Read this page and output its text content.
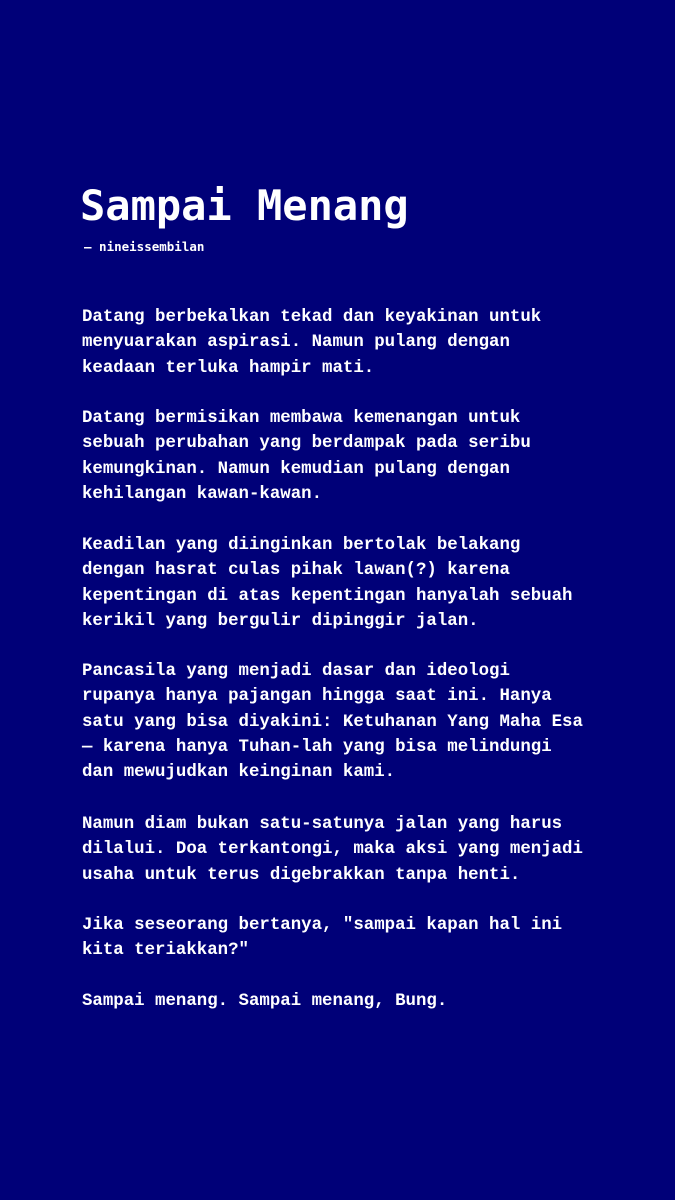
Sampai Menang
— nineissembilan

Datang berbekalkan tekad dan keyakinan untuk
menyuarakan aspirasi. Namun pulang dengan
keadaan terluka hampir mati.

Datang bermisikan membawa kemenangan untuk
sebuah perubahan yang berdampak pada seribu
kemungkinan. Namun kemudian pulang dengan
kehilangan kawan-kawan.

Keadilan yang diinginkan bertolak belakang
dengan hasrat culas pihak lawan(?) karena
kepentingan di atas kepentingan hanyalah sebuah
kerikil yang bergulir dipinggir jalan.

Pancasila yang menjadi dasar dan ideologi
rupanya hanya pajangan hingga saat ini. Hanya
satu yang bisa diyakini: Ketuhanan Yang Maha Esa
— karena hanya Tuhan-lah yang bisa melindungi
dan mewujudkan keinginan kami.

Namun diam bukan satu-satunya jalan yang harus
dilalui. Doa terkantongi, maka aksi yang menjadi
usaha untuk terus digebrakkan tanpa henti.

Jika seseorang bertanya, "sampai kapan hal ini
kita teriakkan?"

Sampai menang. Sampai menang, Bung.
